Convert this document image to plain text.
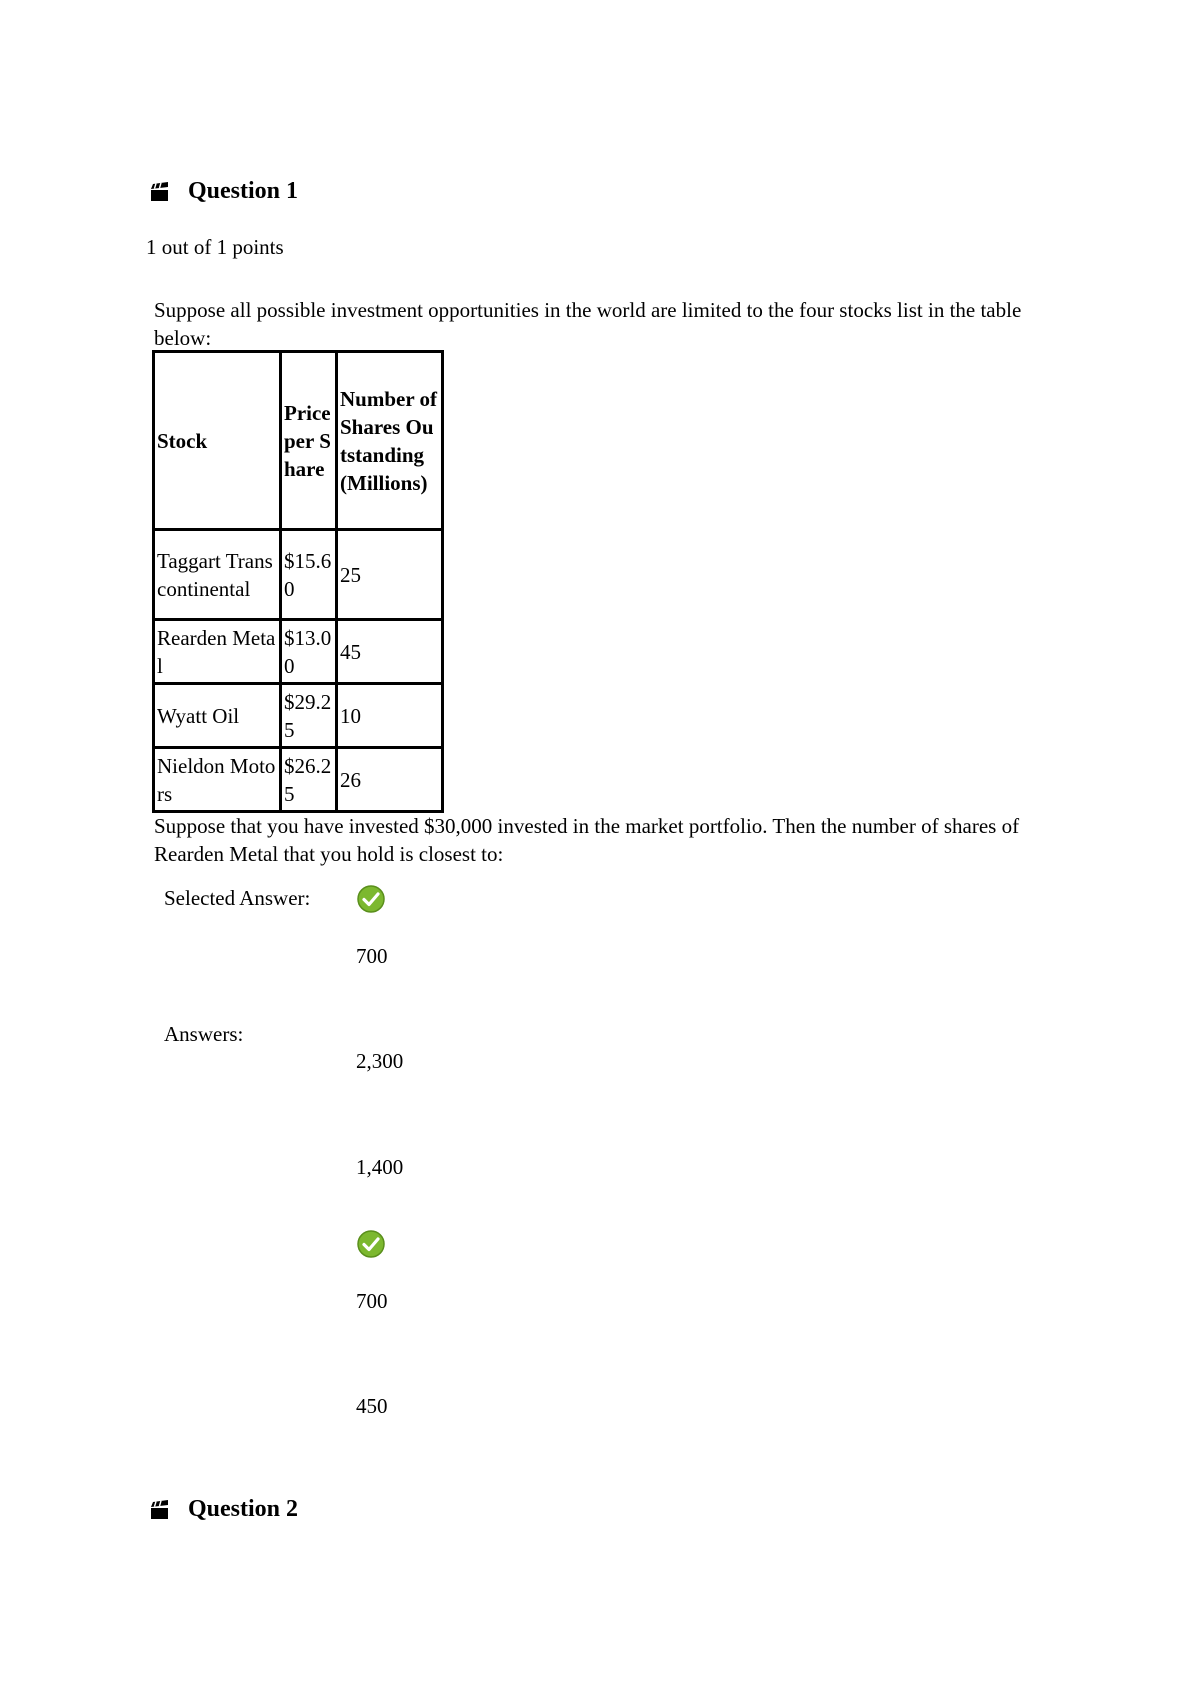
Question 1
1 out of 1 points
Suppose all possible investment opportunities in the world are limited to the four stocks list in the table below:
Stock	Price per Share	Number of Shares Outstanding (Millions)
Taggart Transcontinental	$15.60	25
Rearden Metal	$13.00	45
Wyatt Oil	$29.25	10
Nieldon Motors	$26.25	26
Suppose that you have invested $30,000 invested in the market portfolio. Then the number of shares of Rearden Metal that you hold is closest to:
Selected Answer:
700
Answers:
2,300
1,400
700
450
Question 2
